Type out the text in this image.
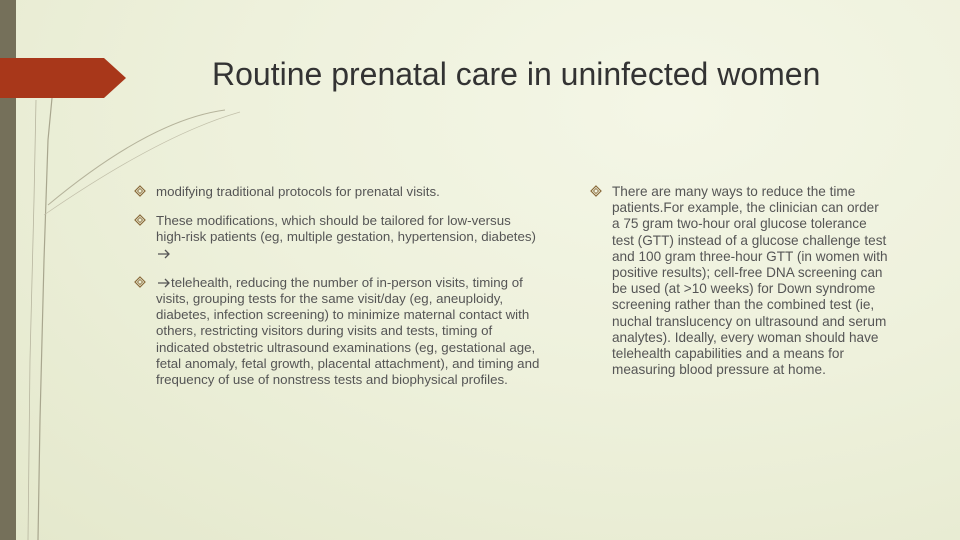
Routine prenatal care in uninfected women
modifying traditional protocols for prenatal visits.
These modifications, which should be tailored for low-versus high-risk patients (eg, multiple gestation, hypertension, diabetes)
telehealth, reducing the number of in-person visits, timing of visits, grouping tests for the same visit/day (eg, aneuploidy, diabetes, infection screening) to minimize maternal contact with others, restricting visitors during visits and tests, timing of indicated obstetric ultrasound examinations (eg, gestational age, fetal anomaly, fetal growth, placental attachment), and timing and frequency of use of nonstress tests and biophysical profiles.
There are many ways to reduce the time patients.For example, the clinician can order a 75 gram two-hour oral glucose tolerance test (GTT) instead of a glucose challenge test and 100 gram three-hour GTT (in women with positive results); cell-free DNA screening can be used (at >10 weeks) for Down syndrome screening rather than the combined test (ie, nuchal translucency on ultrasound and serum analytes). Ideally, every woman should have telehealth capabilities and a means for measuring blood pressure at home.
